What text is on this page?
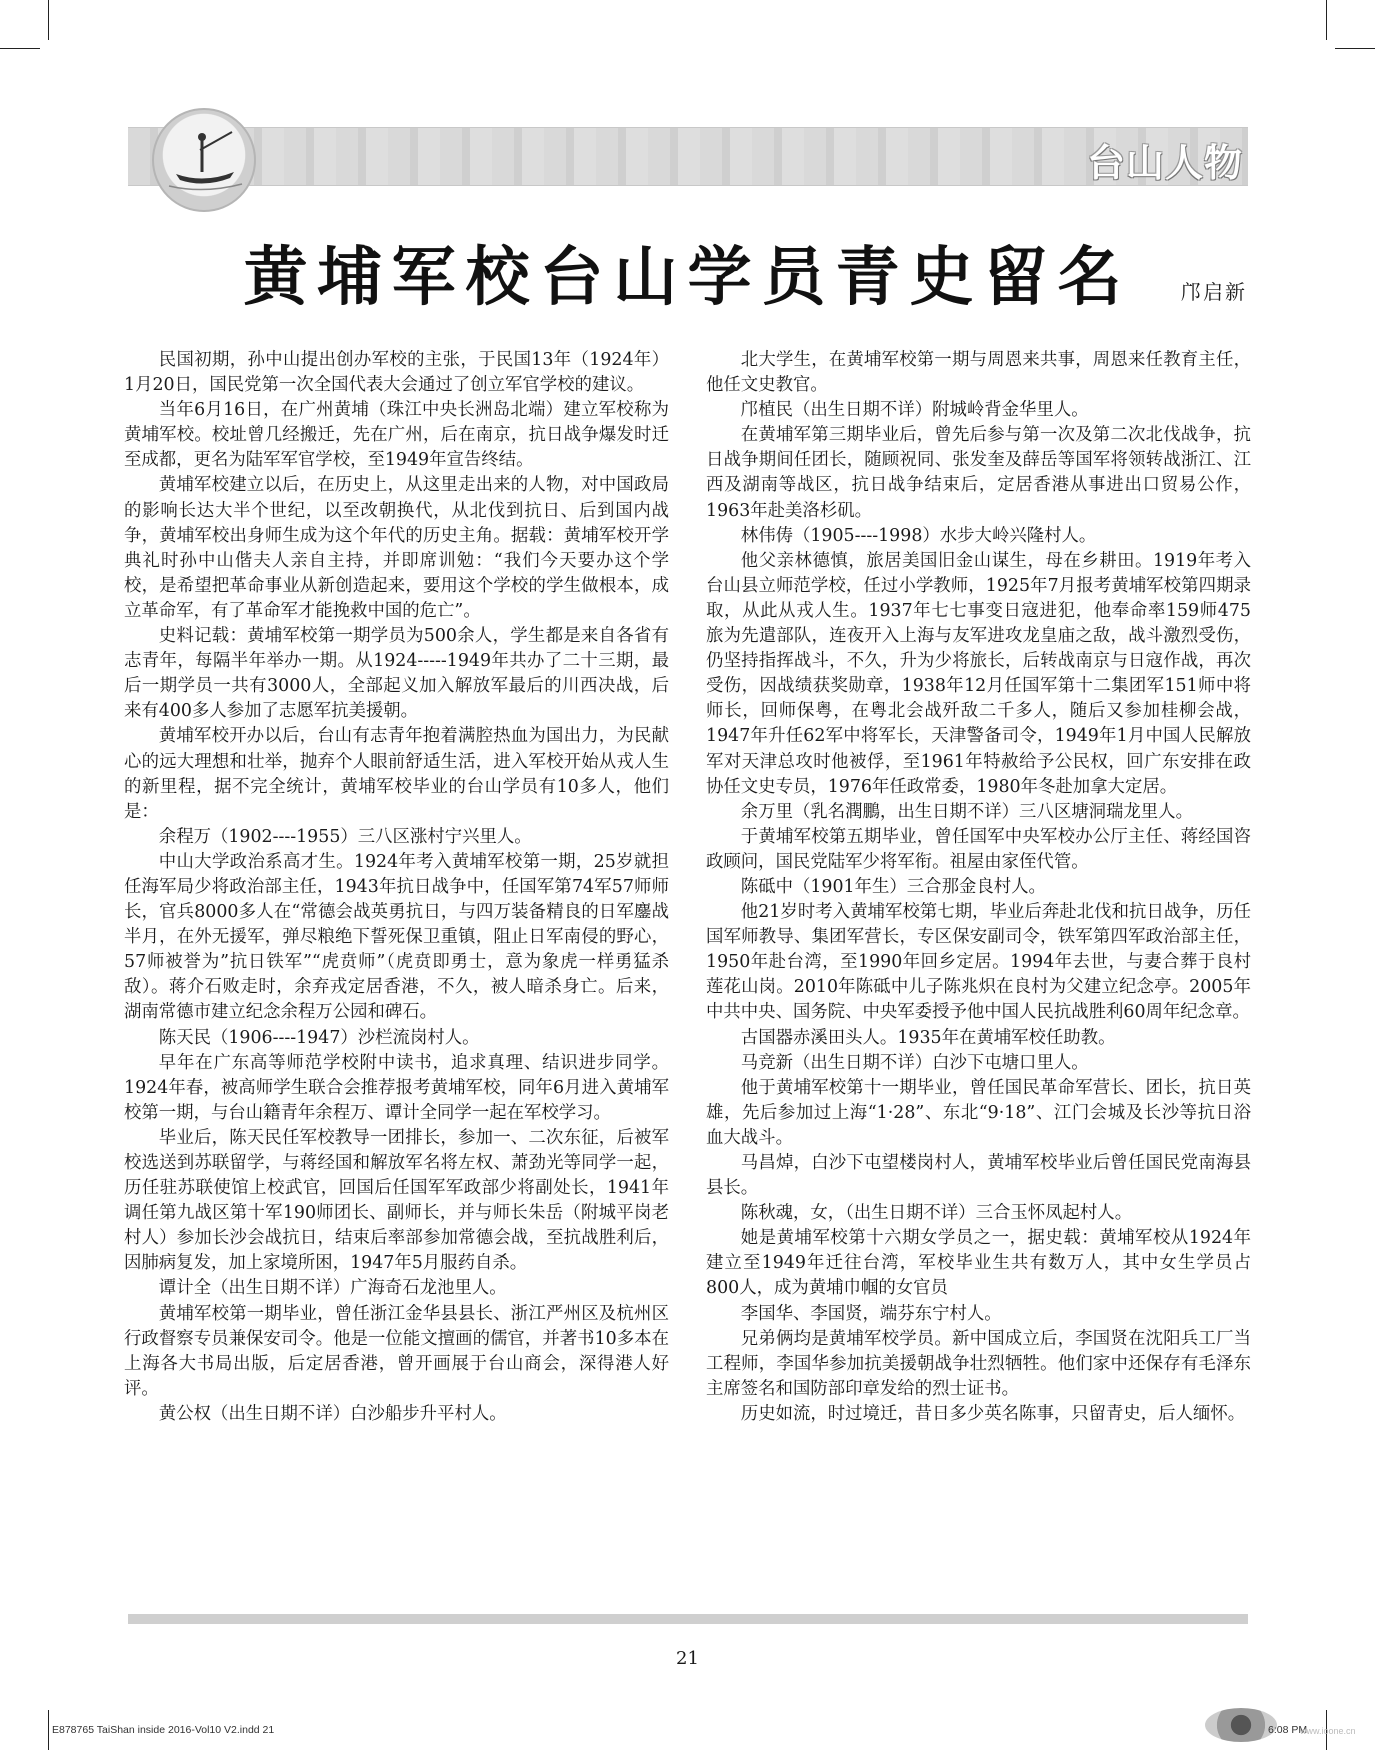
台山人物
黄埔军校台山学员青史留名	邝启新

民国初期，孙中山提出创办军校的主张，于民国13年（1924年）1月20日，国民党第一次全国代表大会通过了创立军官学校的建议。

当年6月16日，在广州黄埔（珠江中央长洲岛北端）建立军校称为黄埔军校。校址曾几经搬迁，先在广州，后在南京，抗日战争爆发时迁至成都，更名为陆军军官学校，至1949年宣告终结。

黄埔军校建立以后，在历史上，从这里走出来的人物，对中国政局的影响长达大半个世纪，以至改朝换代，从北伐到抗日、后到国内战争，黄埔军校出身师生成为这个年代的历史主角。据载：黄埔军校开学典礼时孙中山偕夫人亲自主持，并即席训勉：“我们今天要办这个学校，是希望把革命事业从新创造起来，要用这个学校的学生做根本，成立革命军，有了革命军才能挽救中国的危亡”。

史料记载：黄埔军校第一期学员为500余人，学生都是来自各省有志青年，每隔半年举办一期。从1924-----1949年共办了二十三期，最后一期学员一共有3000人，全部起义加入解放军最后的川西决战，后来有400多人参加了志愿军抗美援朝。

黄埔军校开办以后，台山有志青年抱着满腔热血为国出力，为民献心的远大理想和壮举，抛弃个人眼前舒适生活，进入军校开始从戎人生的新里程，据不完全统计，黄埔军校毕业的台山学员有10多人，他们是：

余程万（1902----1955）三八区涨村宁兴里人。

中山大学政治系高才生。1924年考入黄埔军校第一期，25岁就担任海军局少将政治部主任，1943年抗日战争中，任国军第74军57师师长，官兵8000多人在“常德会战英勇抗日，与四万装备精良的日军鏖战半月，在外无援军，弹尽粮绝下誓死保卫重镇，阻止日军南侵的野心，57师被誉为”抗日铁军”“虎贲师”（虎贲即勇士，意为象虎一样勇猛杀敌）。蒋介石败走时，余弃戎定居香港，不久，被人暗杀身亡。后来，湖南常德市建立纪念余程万公园和碑石。

陈天民（1906----1947）沙栏流岗村人。

早年在广东高等师范学校附中读书，追求真理、结识进步同学。1924年春，被高师学生联合会推荐报考黄埔军校，同年6月进入黄埔军校第一期，与台山籍青年余程万、谭计全同学一起在军校学习。

毕业后，陈天民任军校教导一团排长，参加一、二次东征，后被军校选送到苏联留学，与蒋经国和解放军名将左权、萧劲光等同学一起，历任驻苏联使馆上校武官，回国后任国军军政部少将副处长，1941年调任第九战区第十军190师团长、副师长，并与师长朱岳（附城平岗老村人）参加长沙会战抗日，结束后率部参加常德会战，至抗战胜利后，因肺病复发，加上家境所困，1947年5月服药自杀。

谭计全（出生日期不详）广海奇石龙池里人。

黄埔军校第一期毕业，曾任浙江金华县县长、浙江严州区及杭州区行政督察专员兼保安司令。他是一位能文擅画的儒官，并著书10多本在上海各大书局出版，后定居香港，曾开画展于台山商会，深得港人好评。

黄公权（出生日期不详）白沙船步升平村人。

北大学生，在黄埔军校第一期与周恩来共事，周恩来任教育主任，他任文史教官。

邝植民（出生日期不详）附城岭背金华里人。

在黄埔军第三期毕业后，曾先后参与第一次及第二次北伐战争，抗日战争期间任团长，随顾祝同、张发奎及薛岳等国军将领转战浙江、江西及湖南等战区，抗日战争结束后，定居香港从事进出口贸易公作，1963年赴美洛杉矶。

林伟俦（1905----1998）水步大岭兴隆村人。

他父亲林德慎，旅居美国旧金山谋生，母在乡耕田。1919年考入台山县立师范学校，任过小学教师，1925年7月报考黄埔军校第四期录取，从此从戎人生。1937年七七事变日寇进犯，他奉命率159师475旅为先遣部队，连夜开入上海与友军进攻龙皇庙之敌，战斗激烈受伤，仍坚持指挥战斗，不久，升为少将旅长，后转战南京与日寇作战，再次受伤，因战绩获奖勋章，1938年12月任国军第十二集团军151师中将师长，回师保粤，在粤北会战歼敌二千多人，随后又参加桂柳会战，1947年升任62军中将军长，天津警备司令，1949年1月中国人民解放军对天津总攻时他被俘，至1961年特赦给予公民权，回广东安排在政协任文史专员，1976年任政常委，1980年冬赴加拿大定居。

余万里（乳名潤鵬，出生日期不详）三八区塘洞瑞龙里人。

于黄埔军校第五期毕业，曾任国军中央军校办公厅主任、蒋经国咨政顾问，国民党陆军少将军衔。祖屋由家侄代管。

陈砥中（1901年生）三合那金良村人。

他21岁时考入黄埔军校第七期，毕业后奔赴北伐和抗日战争，历任国军师教导、集团军营长，专区保安副司令，铁军第四军政治部主任，1950年赴台湾，至1990年回乡定居。1994年去世，与妻合葬于良村莲花山岗。2010年陈砥中儿子陈兆炽在良村为父建立纪念亭。2005年中共中央、国务院、中央军委授予他中国人民抗战胜利60周年纪念章。

古国器赤溪田头人。1935年在黄埔军校任助教。

马竞新（出生日期不详）白沙下屯塘口里人。

他于黄埔军校第十一期毕业，曾任国民革命军营长、团长，抗日英雄，先后参加过上海“1·28”、东北“9·18”、江门会城及长沙等抗日浴血大战斗。

马昌焯，白沙下屯望楼岗村人，黄埔军校毕业后曾任国民党南海县县长。

陈秋魂，女，（出生日期不详）三合玉怀凤起村人。

她是黄埔军校第十六期女学员之一，据史载：黄埔军校从1924年建立至1949年迁往台湾，军校毕业生共有数万人，其中女生学员占800人，成为黄埔巾帼的女官员

李国华、李国贤，端芬东宁村人。

兄弟俩均是黄埔军校学员。新中国成立后，李国贤在沈阳兵工厂当工程师，李国华参加抗美援朝战争壮烈牺牲。他们家中还保存有毛泽东主席签名和国防部印章发给的烈士证书。

历史如流，时过境迁，昔日多少英名陈事，只留青史，后人缅怀。

21
E878765 TaiShan inside 2016-Vol10 V2.indd 21	6:08 PM
www.ioone.cn
